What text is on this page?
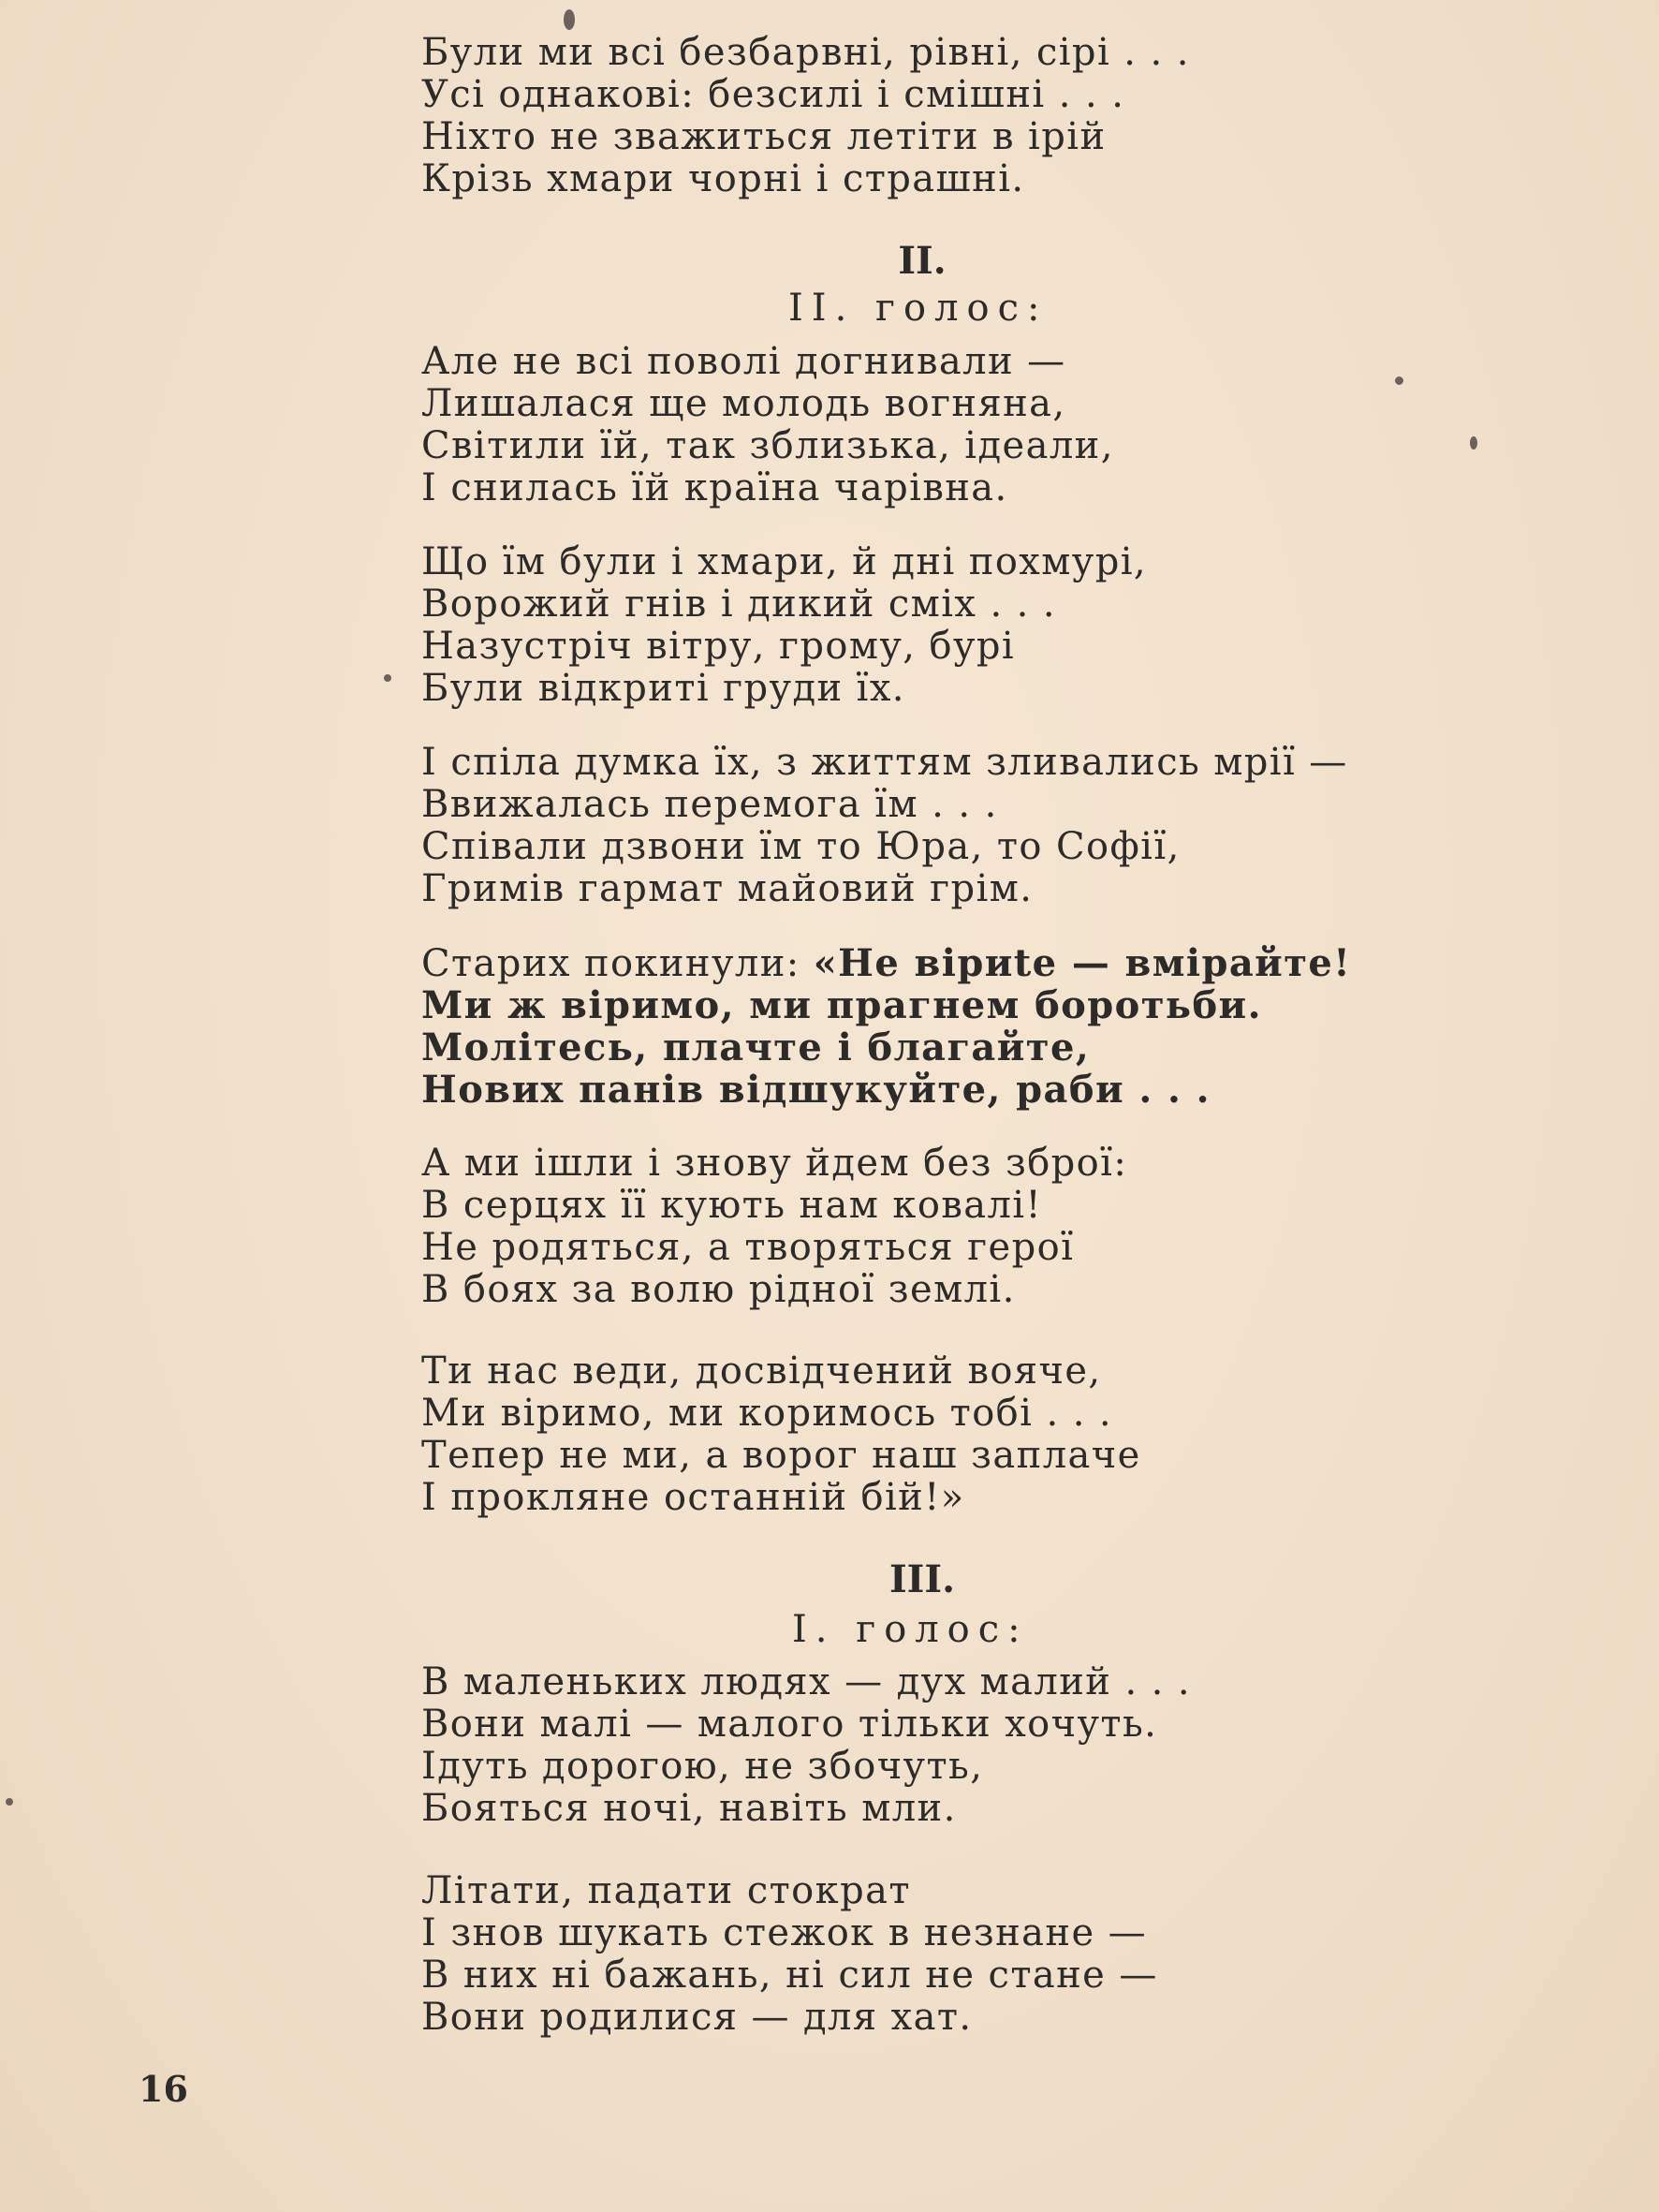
Були ми всі безбарвні, рівні, сірі . . .
Усі однакові: безсилі і смішні . . .
Ніхто не зважиться летіти в ірій
Крізь хмари чорні і страшні.
II.
II. голос:
Але не всі поволі догнивали —
Лишалася ще молодь вогняна,
Світили їй, так зблизька, ідеали,
І снилась їй країна чарівна.
Що їм були і хмари, й дні похмурі,
Ворожий гнів і дикий сміх . . .
Назустріч вітру, грому, бурі
Були відкриті груди їх.
І спіла думка їх, з життям зливались мрії —
Ввижалась перемога їм . . .
Співали дзвони їм то Юра, то Софії,
Гримів гармат майовий грім.
Старих покинули: «Не віриte — вмірайте!
Ми ж віримо, ми прагнем боротьби.
Молітесь, плачте і благайте,
Нових панів відшукуйте, раби . . .
А ми ішли і знову йдем без зброї:
В серцях її кують нам ковалі!
Не родяться, а творяться герої
В боях за волю рідної землі.
Ти нас веди, досвідчений вояче,
Ми віримо, ми коримось тобі . . .
Тепер не ми, а ворог наш заплаче
І прокляне останній бій!»
III.
I. голос:
В маленьких людях — дух малий . . .
Вони малі — малого тільки хочуть.
Ідуть дорогою, не збочуть,
Бояться ночі, навіть мли.
Літати, падати стократ
І знов шукать стежок в незнане —
В них ні бажань, ні сил не стане —
Вони родилися — для хат.
16
